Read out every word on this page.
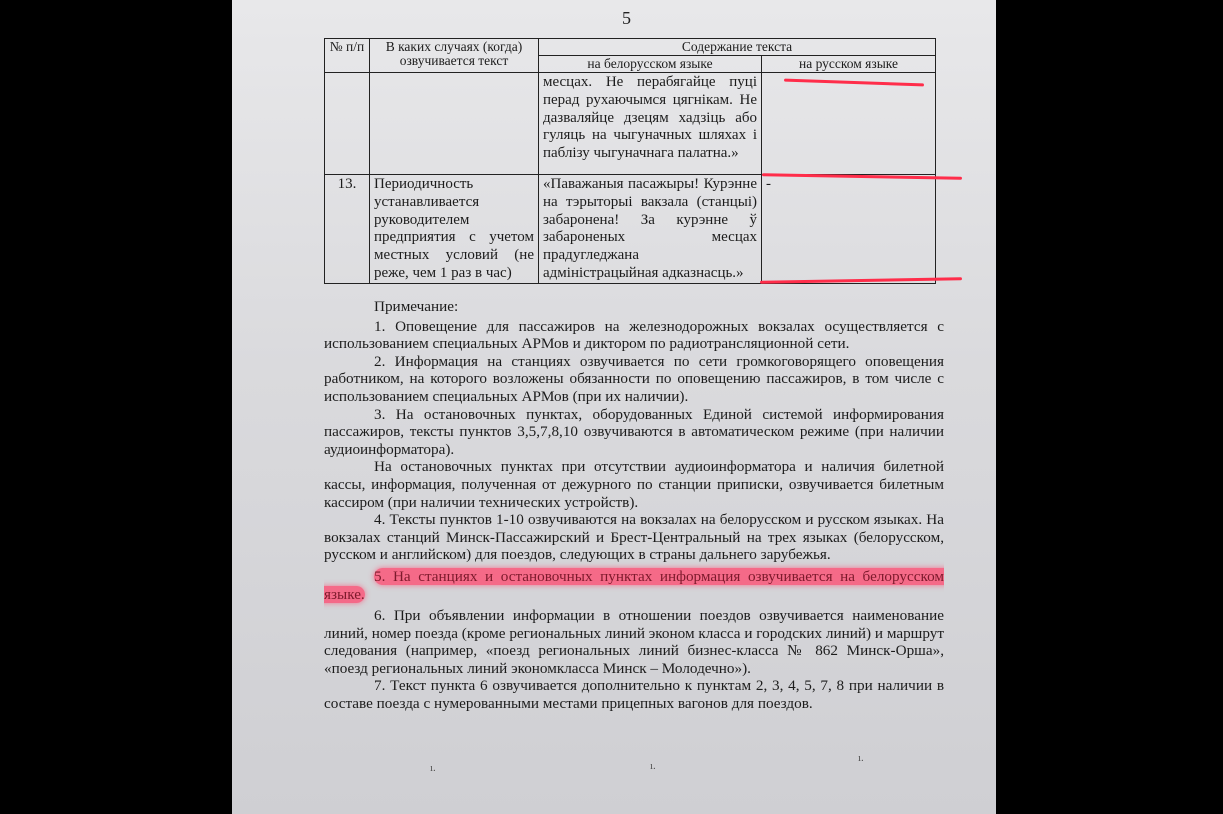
5
№ п/п	В каких случаях (когда) озвучивается текст	Содержание текста	
		на белорусском языке	на русском языке
		месцах. Не перабягайце пуці перад рухаючымся цягнікам. Не дазваляйце дзецям хадзіць або гуляць на чыгуначных шляхах і паблізу чыгуначнага палатна.»	
13.	Периодичность устанавливается руководителем предприятия с учетом местных условий (не реже, чем 1 раз в час)	«Паважаныя пасажыры! Курэнне на тэрыторыі вакзала (станцыі) забаронена! За курэнне ў забароненых месцах прадугледжана адміністрацыйная адказнасць.»	-

Примечание:

1. Оповещение для пассажиров на железнодорожных вокзалах осуществляется с использованием специальных АРМов и диктором по радиотрансляционной сети.

2. Информация на станциях озвучивается по сети громкоговорящего оповещения работником, на которого возложены обязанности по оповещению пассажиров, в том числе с использованием специальных АРМов (при их наличии).

3. На остановочных пунктах, оборудованных Единой системой информирования пассажиров, тексты пунктов 3,5,7,8,10 озвучиваются в автоматическом режиме (при наличии аудиоинформатора).

На остановочных пунктах при отсутствии аудиоинформатора и наличия билетной кассы, информация, полученная от дежурного по станции приписки, озвучивается билетным кассиром (при наличии технических устройств).

4. Тексты пунктов 1-10 озвучиваются на вокзалах на белорусском и русском языках. На вокзалах станций Минск-Пассажирский и Брест-Центральный на трех языках (белорусском, русском и английском) для поездов, следующих в страны дальнего зарубежья.

5. На станциях и остановочных пунктах информация озвучивается на белорусском языке.

6. При объявлении информации в отношении поездов озвучивается наименование линий, номер поезда (кроме региональных линий эконом класса и городских линий) и маршрут следования (например, «поезд региональных линий бизнес-класса № 862 Минск-Орша», «поезд региональных линий экономкласса Минск – Молодечно»).

7. Текст пункта 6 озвучивается дополнительно к пунктам 2, 3, 4, 5, 7, 8 при наличии в составе поезда с нумерованными местами прицепных вагонов для поездов.

ı.	ı.
ı.
